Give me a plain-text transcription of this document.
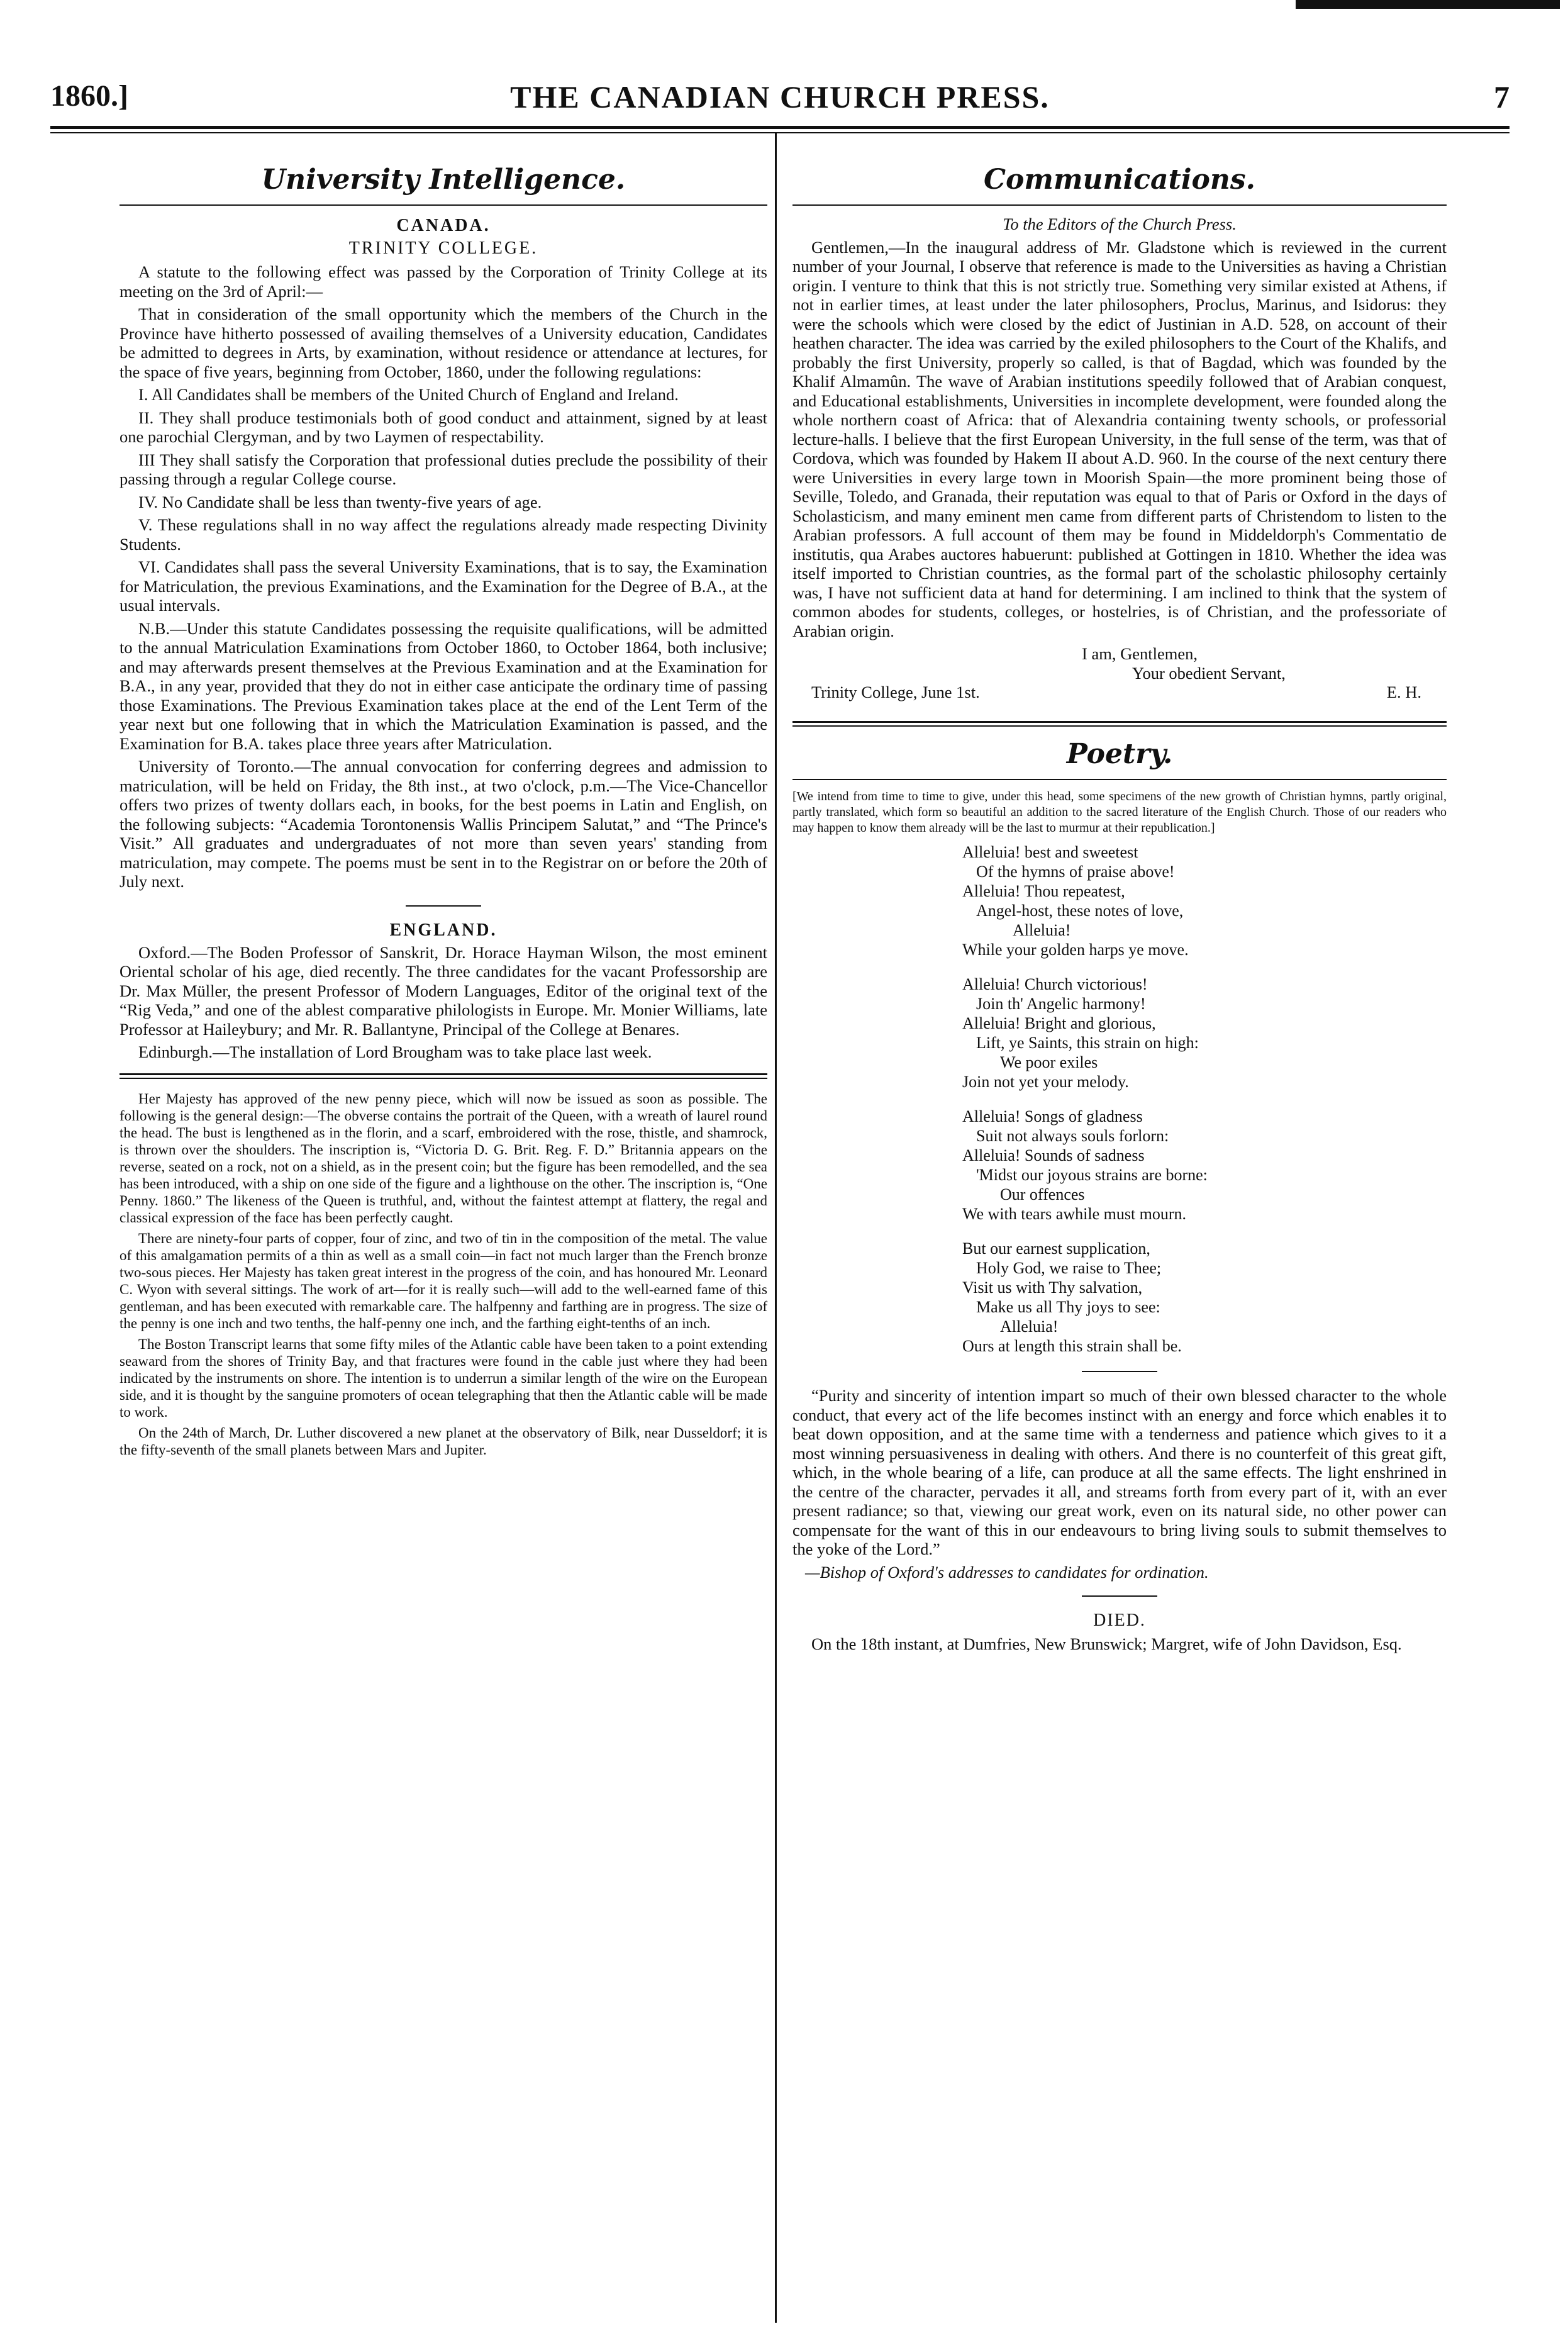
1860.]	THE CANADIAN CHURCH PRESS.	7
University Intelligence.
CANADA.
TRINITY COLLEGE.

A statute to the following effect was passed by the Corporation of Trinity College at its meeting on the 3rd of April:—

That in consideration of the small opportunity which the members of the Church in the Province have hitherto possessed of availing themselves of a University education, Candidates be admitted to degrees in Arts, by examination, without residence or attendance at lectures, for the space of five years, beginning from October, 1860, under the following regulations:

I. All Candidates shall be members of the United Church of England and Ireland.

II. They shall produce testimonials both of good conduct and attainment, signed by at least one parochial Clergyman, and by two Laymen of respectability.

III They shall satisfy the Corporation that professional duties preclude the possibility of their passing through a regular College course.

IV. No Candidate shall be less than twenty-five years of age.

V. These regulations shall in no way affect the regulations already made respecting Divinity Students.

VI. Candidates shall pass the several University Examinations, that is to say, the Examination for Matriculation, the previous Examinations, and the Examination for the Degree of B.A., at the usual intervals.

N.B.—Under this statute Candidates possessing the requisite qualifications, will be admitted to the annual Matriculation Examinations from October 1860, to October 1864, both inclusive; and may afterwards present themselves at the Previous Examination and at the Examination for B.A., in any year, provided that they do not in either case anticipate the ordinary time of passing those Examinations. The Previous Examination takes place at the end of the Lent Term of the year next but one following that in which the Matriculation Examination is passed, and the Examination for B.A. takes place three years after Matriculation.

University of Toronto.—The annual convocation for conferring degrees and admission to matriculation, will be held on Friday, the 8th inst., at two o'clock, p.m.—The Vice-Chancellor offers two prizes of twenty dollars each, in books, for the best poems in Latin and English, on the following subjects: “Academia Torontonensis Wallis Principem Salutat,” and “The Prince's Visit.” All graduates and undergraduates of not more than seven years' standing from matriculation, may compete. The poems must be sent in to the Registrar on or before the 20th of July next.

ENGLAND.

Oxford.—The Boden Professor of Sanskrit, Dr. Horace Hayman Wilson, the most eminent Oriental scholar of his age, died recently. The three candidates for the vacant Professorship are Dr. Max Müller, the present Professor of Modern Languages, Editor of the original text of the “Rig Veda,” and one of the ablest comparative philologists in Europe. Mr. Monier Williams, late Professor at Haileybury; and Mr. R. Ballantyne, Principal of the College at Benares.

Edinburgh.—The installation of Lord Brougham was to take place last week.

Her Majesty has approved of the new penny piece, which will now be issued as soon as possible. The following is the general design:—The obverse contains the portrait of the Queen, with a wreath of laurel round the head. The bust is lengthened as in the florin, and a scarf, embroidered with the rose, thistle, and shamrock, is thrown over the shoulders. The inscription is, “Victoria D. G. Brit. Reg. F. D.” Britannia appears on the reverse, seated on a rock, not on a shield, as in the present coin; but the figure has been remodelled, and the sea has been introduced, with a ship on one side of the figure and a lighthouse on the other. The inscription is, “One Penny. 1860.” The likeness of the Queen is truthful, and, without the faintest attempt at flattery, the regal and classical expression of the face has been perfectly caught.

There are ninety-four parts of copper, four of zinc, and two of tin in the composition of the metal. The value of this amalgamation permits of a thin as well as a small coin—in fact not much larger than the French bronze two-sous pieces. Her Majesty has taken great interest in the progress of the coin, and has honoured Mr. Leonard C. Wyon with several sittings. The work of art—for it is really such—will add to the well-earned fame of this gentleman, and has been executed with remarkable care. The halfpenny and farthing are in progress. The size of the penny is one inch and two tenths, the half-penny one inch, and the farthing eight-tenths of an inch.

The Boston Transcript learns that some fifty miles of the Atlantic cable have been taken to a point extending seaward from the shores of Trinity Bay, and that fractures were found in the cable just where they had been indicated by the instruments on shore. The intention is to underrun a similar length of the wire on the European side, and it is thought by the sanguine promoters of ocean telegraphing that then the Atlantic cable will be made to work.

On the 24th of March, Dr. Luther discovered a new planet at the observatory of Bilk, near Dusseldorf; it is the fifty-seventh of the small planets between Mars and Jupiter.

Communications.

To the Editors of the Church Press.

Gentlemen,—In the inaugural address of Mr. Gladstone which is reviewed in the current number of your Journal, I observe that reference is made to the Universities as having a Christian origin. I venture to think that this is not strictly true. Something very similar existed at Athens, if not in earlier times, at least under the later philosophers, Proclus, Marinus, and Isidorus: they were the schools which were closed by the edict of Justinian in A.D. 528, on account of their heathen character. The idea was carried by the exiled philosophers to the Court of the Khalifs, and probably the first University, properly so called, is that of Bagdad, which was founded by the Khalif Almamûn. The wave of Arabian institutions speedily followed that of Arabian conquest, and Educational establishments, Universities in incomplete development, were founded along the whole northern coast of Africa: that of Alexandria containing twenty schools, or professorial lecture-halls. I believe that the first European University, in the full sense of the term, was that of Cordova, which was founded by Hakem II about A.D. 960. In the course of the next century there were Universities in every large town in Moorish Spain—the more prominent being those of Seville, Toledo, and Granada, their reputation was equal to that of Paris or Oxford in the days of Scholasticism, and many eminent men came from different parts of Christendom to listen to the Arabian professors. A full account of them may be found in Middeldorph's Commentatio de institutis, qua Arabes auctores habuerunt: published at Gottingen in 1810. Whether the idea was itself imported to Christian countries, as the formal part of the scholastic philosophy certainly was, I have not sufficient data at hand for determining. I am inclined to think that the system of common abodes for students, colleges, or hostelries, is of Christian, and the professoriate of Arabian origin.

I am, Gentlemen,
Your obedient Servant,
Trinity College, June 1st.	E. H.
Poetry.

[We intend from time to time to give, under this head, some specimens of the new growth of Christian hymns, partly original, partly translated, which form so beautiful an addition to the sacred literature of the English Church. Those of our readers who may happen to know them already will be the last to murmur at their republication.]

Alleluia! best and sweetest
Of the hymns of praise above!
Alleluia! Thou repeatest,
Angel-host, these notes of love,
Alleluia!
While your golden harps ye move.
Alleluia! Church victorious!
Join th' Angelic harmony!
Alleluia! Bright and glorious,
Lift, ye Saints, this strain on high:
We poor exiles
Join not yet your melody.
Alleluia! Songs of gladness
Suit not always souls forlorn:
Alleluia! Sounds of sadness
'Midst our joyous strains are borne:
Our offences
We with tears awhile must mourn.
But our earnest supplication,
Holy God, we raise to Thee;
Visit us with Thy salvation,
Make us all Thy joys to see:
Alleluia!
Ours at length this strain shall be.

“Purity and sincerity of intention impart so much of their own blessed character to the whole conduct, that every act of the life becomes instinct with an energy and force which enables it to beat down opposition, and at the same time with a tenderness and patience which gives to it a most winning persuasiveness in dealing with others. And there is no counterfeit of this great gift, which, in the whole bearing of a life, can produce at all the same effects. The light enshrined in the centre of the character, pervades it all, and streams forth from every part of it, with an ever present radiance; so that, viewing our great work, even on its natural side, no other power can compensate for the want of this in our endeavours to bring living souls to submit themselves to the yoke of the Lord.”

—Bishop of Oxford's addresses to candidates for ordination.

DIED.

On the 18th instant, at Dumfries, New Brunswick; Margret, wife of John Davidson, Esq.
